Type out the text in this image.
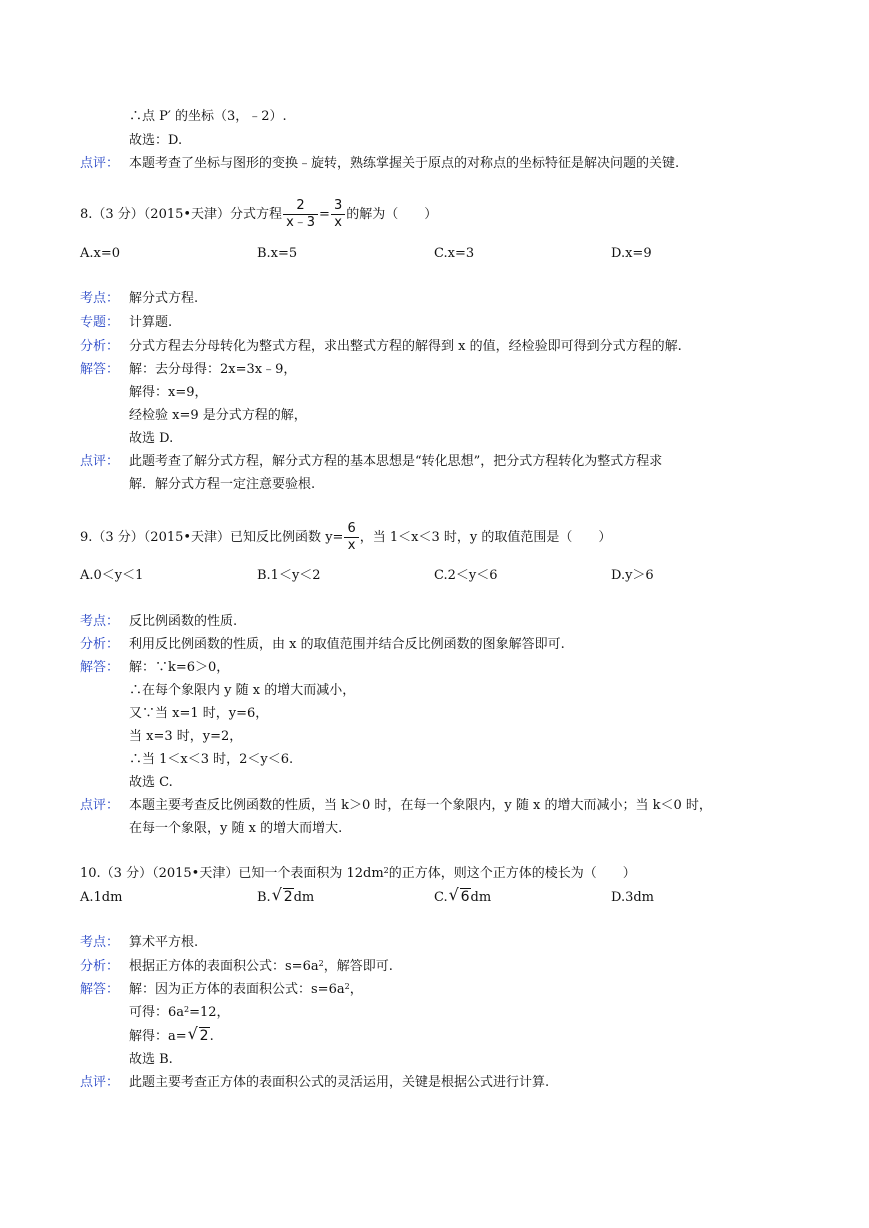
∴点 P′ 的坐标（3，﹣2）.
故选：D.
点评： 本题考查了坐标与图形的变换﹣旋转，熟练掌握关于原点的对称点的坐标特征是解决问题的关键.
8.（3 分）（2015•天津）分式方程 $\frac{2}{x﹣3} = \frac{3}{x}$ 的解为（　　）
A.x=0	B.x=5	C.x=3	D.x=9
考点： 解分式方程.
专题： 计算题.
分析： 分式方程去分母转化为整式方程，求出整式方程的解得到 x 的值，经检验即可得到分式方程的解.
解答： 解：去分母得：2x=3x﹣9，
解得：x=9，
经检验 x=9 是分式方程的解，
故选 D.
点评： 此题考查了解分式方程，解分式方程的基本思想是“转化思想”，把分式方程转化为整式方程求
解．解分式方程一定注意要验根.
9.（3 分）（2015•天津）已知反比例函数 $y= \frac{6}{x}$ ，当 1＜x＜3 时，y 的取值范围是（　　）
A.0＜y＜1	B.1＜y＜2	C.2＜y＜6	D.y＞6
考点： 反比例函数的性质.
分析： 利用反比例函数的性质，由 x 的取值范围并结合反比例函数的图象解答即可.
解答： 解：∵k=6＞0，
∴在每个象限内 y 随 x 的增大而减小，
又∵当 x=1 时，y=6，
当 x=3 时，y=2，
∴当 1＜x＜3 时，2＜y＜6.
故选 C.
点评： 本题主要考查反比例函数的性质，当 k＞0 时，在每一个象限内，y 随 x 的增大而减小；当 k＜0 时，
在每一个象限，y 随 x 的增大而增大.
10.（3 分）（2015•天津）已知一个表面积为 $12dm^2$的正方体，则这个正方体的棱长为（　　）
A.1dm	B. √ 2dm	C. √ 6dm	D.3dm
考点： 算术平方根.
分析： 根据正方体的表面积公式：$s=6a^2$，解答即可.
解答： 解：因为正方体的表面积公式：$s=6a^2$，
可得：$6a^2=12$，
解得：a= √ 2.
故选 B.
点评： 此题主要考查正方体的表面积公式的灵活运用，关键是根据公式进行计算.
